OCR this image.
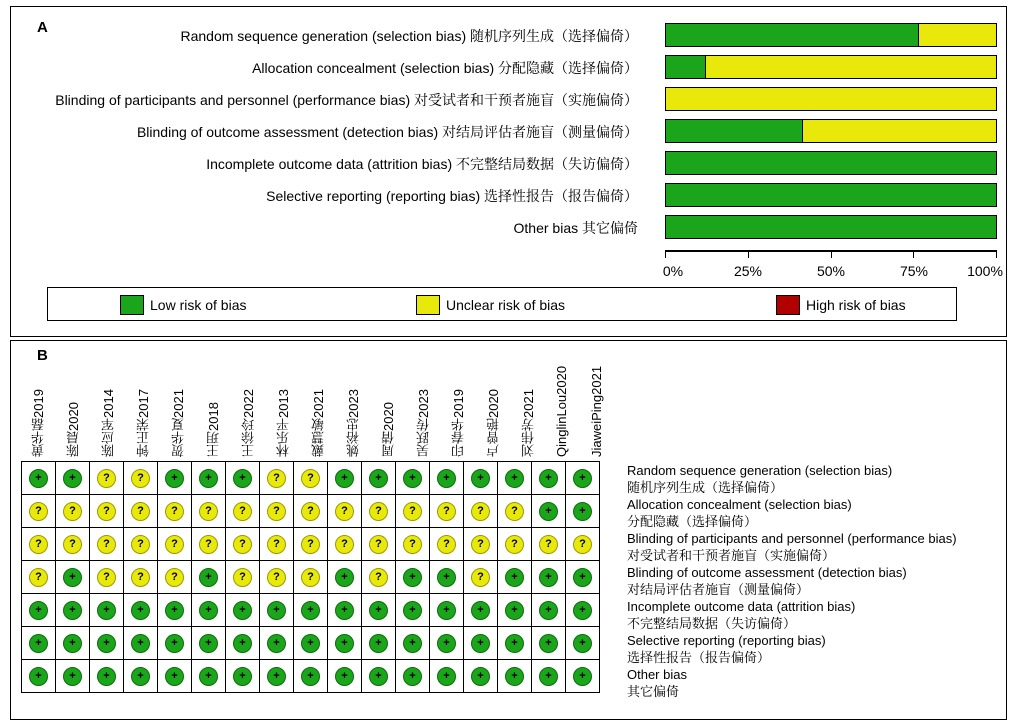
A	Random sequence generation (selection bias) 随机序列生成（选择偏倚）
Allocation concealment (selection bias) 分配隐藏（选择偏倚）
Blinding of participants and personnel (performance bias) 对受试者和干预者施盲（实施偏倚）
Blinding of outcome assessment (detection bias) 对结局评估者施盲（测量偏倚）
Incomplete outcome data (attrition bias) 不完整结局数据（失访偏倚）
Selective reporting (reporting bias) 选择性报告（报告偏倚）
Other bias 其它偏倚
0%	25%	50%	75%	100%
Low risk of bias	Unclear risk of bias	High risk of bias
B
黄华磊2019 陈晨2020 陈应军2014 钟正荣2017 贺华夏2021 王玥2018 王徐玲2022 林乐平2013 戴慧敏2021 姚裕忠2023 周倩2020 吴跃传2023 印春华2019 卢曾艳2020 刘伟芳2021 QinglinLou2020 JiaweiPing2021
+	+	?	?	+	+	+	?	?	+	+	+	+	+	+	+	+

?	?	?	?	?	?	?	?	?	?	?	?	?	?	?	+	+

?	?	?	?	?	?	?	?	?	?	?	?	?	?	?	?	?

?	+	?	?	?	+	?	?	?	+	?	+	+	?	+	+	+

+	+	+	+	+	+	+	+	+	+	+	+	+	+	+	+	+

+	+	+	+	+	+	+	+	+	+	+	+	+	+	+	+	+

+	+	+	+	+	+	+	+	+	+	+	+	+	+	+	+	+
Random sequence generation (selection bias)
随机序列生成（选择偏倚）
Allocation concealment (selection bias)
分配隐藏（选择偏倚）
Blinding of participants and personnel (performance bias)
对受试者和干预者施盲（实施偏倚）
Blinding of outcome assessment (detection bias)
对结局评估者施盲（测量偏倚）
Incomplete outcome data (attrition bias)
不完整结局数据（失访偏倚）
Selective reporting (reporting bias)
选择性报告（报告偏倚）
Other bias
其它偏倚
